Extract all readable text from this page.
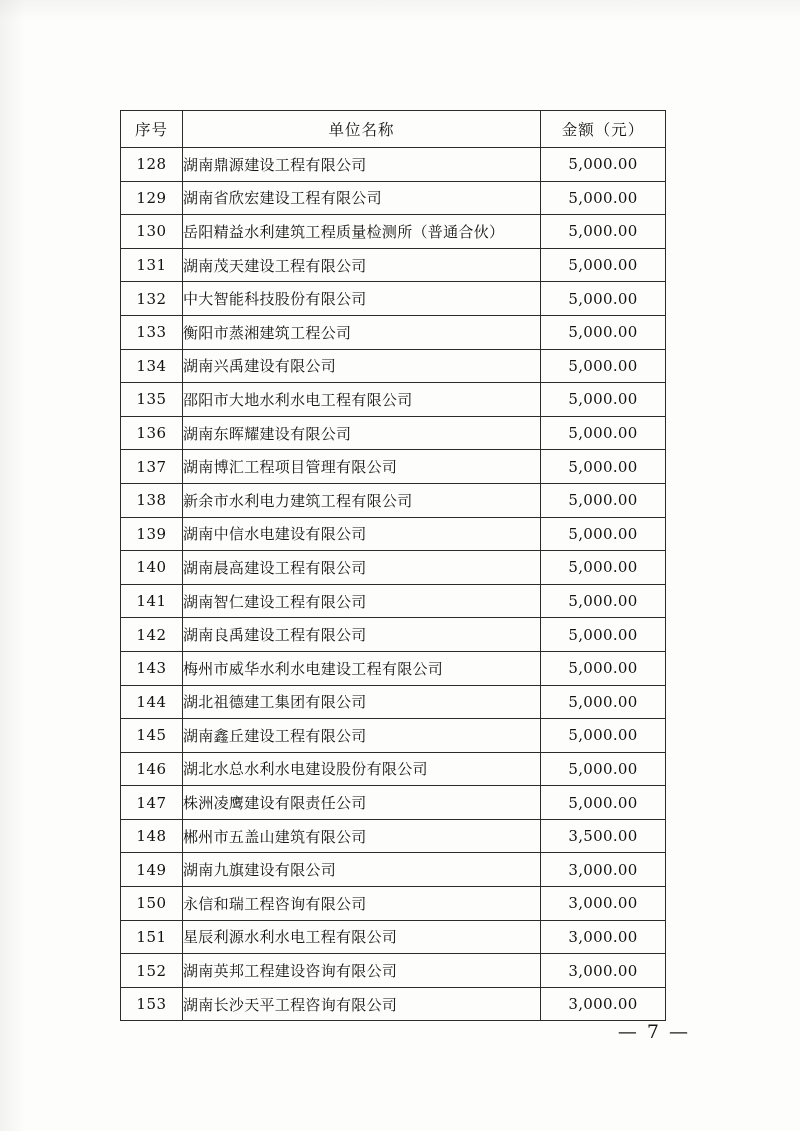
序号	单位名称	金额（元）
128	湖南鼎源建设工程有限公司	5,000.00
129	湖南省欣宏建设工程有限公司	5,000.00
130	岳阳精益水利建筑工程质量检测所（普通合伙）	5,000.00
131	湖南茂天建设工程有限公司	5,000.00
132	中大智能科技股份有限公司	5,000.00
133	衡阳市蒸湘建筑工程公司	5,000.00
134	湖南兴禹建设有限公司	5,000.00
135	邵阳市大地水利水电工程有限公司	5,000.00
136	湖南东晖耀建设有限公司	5,000.00
137	湖南博汇工程项目管理有限公司	5,000.00
138	新余市水利电力建筑工程有限公司	5,000.00
139	湖南中信水电建设有限公司	5,000.00
140	湖南晨高建设工程有限公司	5,000.00
141	湖南智仁建设工程有限公司	5,000.00
142	湖南良禹建设工程有限公司	5,000.00
143	梅州市威华水利水电建设工程有限公司	5,000.00
144	湖北祖德建工集团有限公司	5,000.00
145	湖南鑫丘建设工程有限公司	5,000.00
146	湖北水总水利水电建设股份有限公司	5,000.00
147	株洲凌鹰建设有限责任公司	5,000.00
148	郴州市五盖山建筑有限公司	3,500.00
149	湖南九旗建设有限公司	3,000.00
150	永信和瑞工程咨询有限公司	3,000.00
151	星辰利源水利水电工程有限公司	3,000.00
152	湖南英邦工程建设咨询有限公司	3,000.00
153	湖南长沙天平工程咨询有限公司	3,000.00
— 7 —
